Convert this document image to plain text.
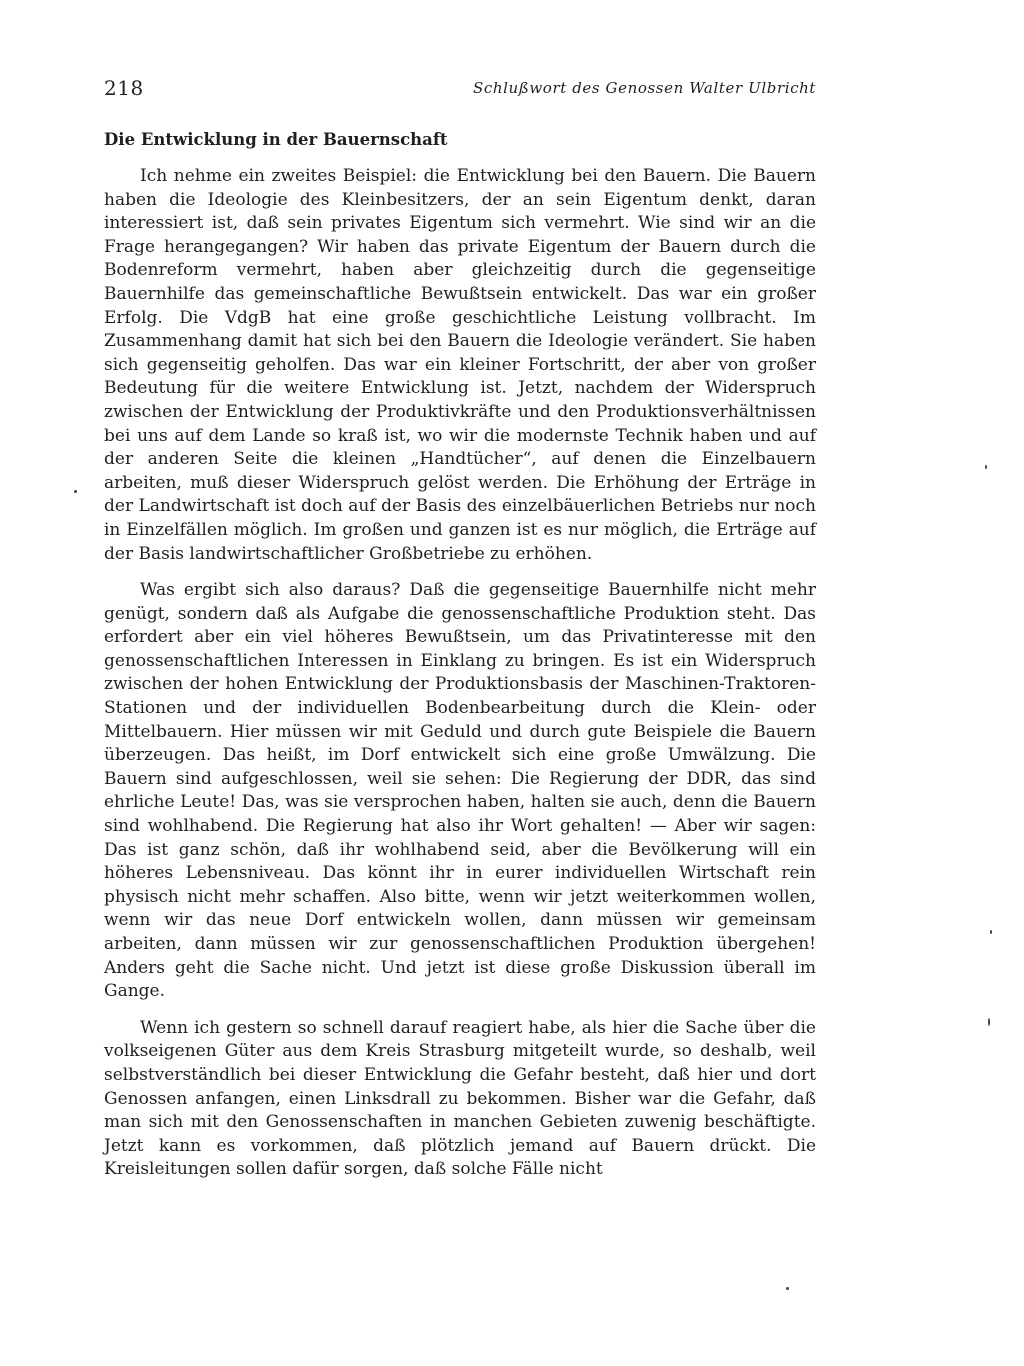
218	Schlußwort des Genossen Walter Ulbricht
Die Entwicklung in der Bauernschaft

Ich nehme ein zweites Beispiel: die Entwicklung bei den Bauern. Die Bauern haben die Ideologie des Kleinbesitzers, der an sein Eigentum denkt, daran interessiert ist, daß sein privates Eigentum sich vermehrt. Wie sind wir an die Frage herangegangen? Wir haben das private Eigentum der Bauern durch die Bodenreform vermehrt, haben aber gleichzeitig durch die gegenseitige Bauernhilfe das gemeinschaftliche Bewußtsein entwickelt. Das war ein großer Erfolg. Die VdgB hat eine große geschichtliche Leistung vollbracht. Im Zusammenhang damit hat sich bei den Bauern die Ideologie verändert. Sie haben sich gegenseitig geholfen. Das war ein kleiner Fortschritt, der aber von großer Bedeutung für die weitere Entwicklung ist. Jetzt, nachdem der Widerspruch zwischen der Entwicklung der Produktivkräfte und den Produktionsverhältnissen bei uns auf dem Lande so kraß ist, wo wir die modernste Technik haben und auf der anderen Seite die kleinen „Handtücher“, auf denen die Einzelbauern arbeiten, muß dieser Widerspruch gelöst werden. Die Erhöhung der Erträge in der Landwirtschaft ist doch auf der Basis des einzelbäuerlichen Betriebs nur noch in Einzelfällen möglich. Im großen und ganzen ist es nur möglich, die Erträge auf der Basis landwirtschaftlicher Großbetriebe zu erhöhen.

Was ergibt sich also daraus? Daß die gegenseitige Bauernhilfe nicht mehr genügt, sondern daß als Aufgabe die genossenschaftliche Produktion steht. Das erfordert aber ein viel höheres Bewußtsein, um das Privatinteresse mit den genossenschaftlichen Interessen in Einklang zu bringen. Es ist ein Widerspruch zwischen der hohen Entwicklung der Produktionsbasis der Maschinen-Traktoren-Stationen und der individuellen Bodenbearbeitung durch die Klein- oder Mittelbauern. Hier müssen wir mit Geduld und durch gute Beispiele die Bauern überzeugen. Das heißt, im Dorf entwickelt sich eine große Umwälzung. Die Bauern sind aufgeschlossen, weil sie sehen: Die Regierung der DDR, das sind ehrliche Leute! Das, was sie versprochen haben, halten sie auch, denn die Bauern sind wohlhabend. Die Regierung hat also ihr Wort gehalten! — Aber wir sagen: Das ist ganz schön, daß ihr wohlhabend seid, aber die Bevölkerung will ein höheres Lebensniveau. Das könnt ihr in eurer individuellen Wirtschaft rein physisch nicht mehr schaffen. Also bitte, wenn wir jetzt weiterkommen wollen, wenn wir das neue Dorf entwickeln wollen, dann müssen wir gemeinsam arbeiten, dann müssen wir zur genossenschaftlichen Produktion übergehen! Anders geht die Sache nicht. Und jetzt ist diese große Diskussion überall im Gange.

Wenn ich gestern so schnell darauf reagiert habe, als hier die Sache über die volkseigenen Güter aus dem Kreis Strasburg mitgeteilt wurde, so deshalb, weil selbstverständlich bei dieser Entwicklung die Gefahr besteht, daß hier und dort Genossen anfangen, einen Linksdrall zu bekommen. Bisher war die Gefahr, daß man sich mit den Genossenschaften in manchen Gebieten zuwenig beschäftigte. Jetzt kann es vorkommen, daß plötzlich jemand auf Bauern drückt. Die Kreisleitungen sollen dafür sorgen, daß solche Fälle nicht
